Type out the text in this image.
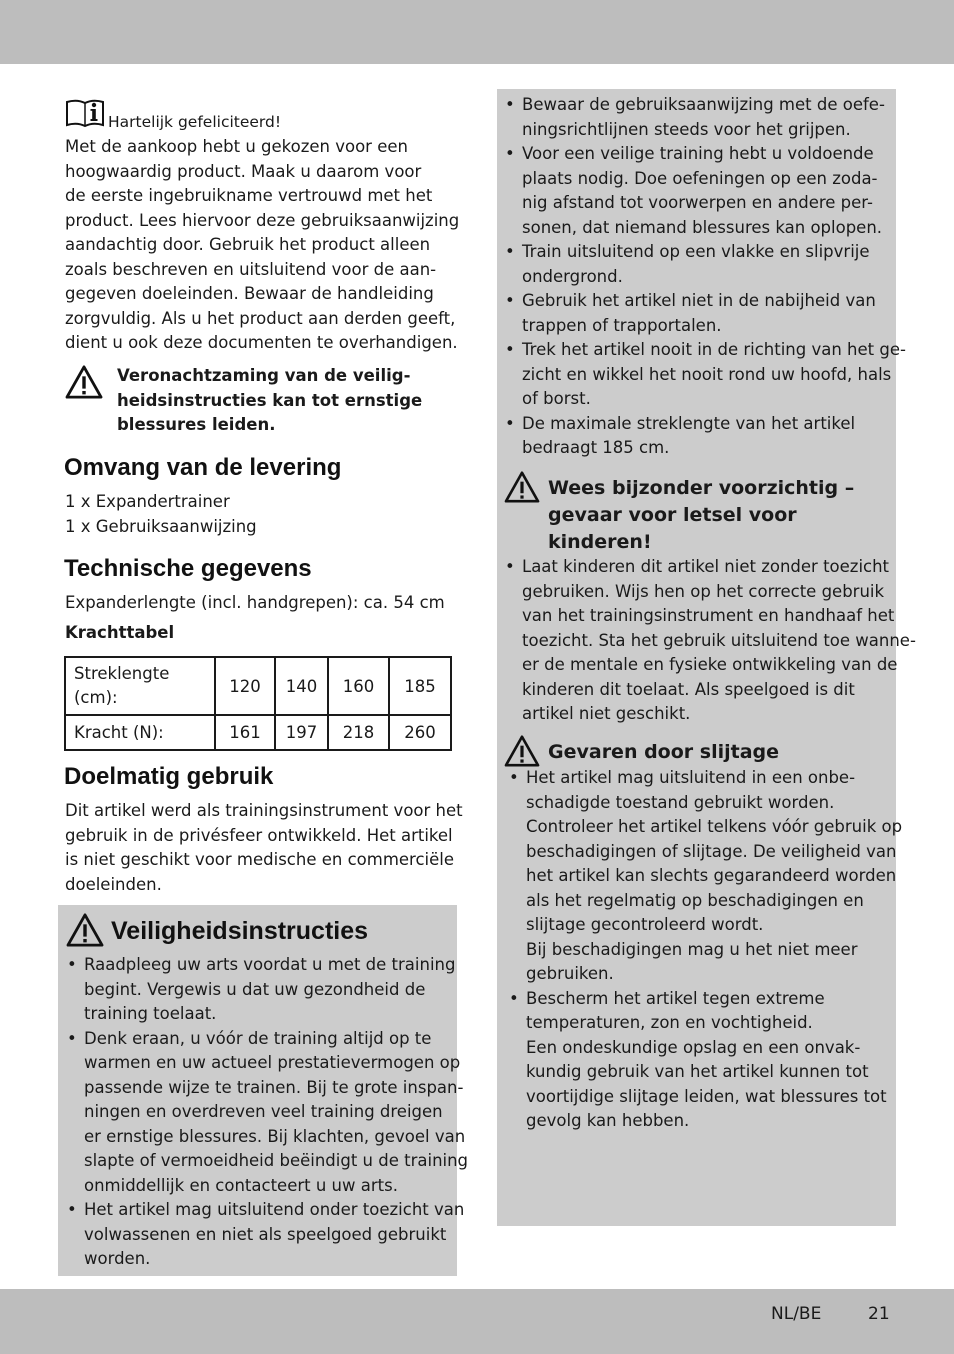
NL/BE	21
Hartelijk gefeliciteerd!
Met de aankoop hebt u gekozen voor een
hoogwaardig product. Maak u daarom voor
de eerste ingebruikname vertrouwd met het
product. Lees hiervoor deze gebruiksaanwijzing
aandachtig door. Gebruik het product alleen
zoals beschreven en uitsluitend voor de aan-
gegeven doeleinden. Bewaar de handleiding
zorgvuldig. Als u het product aan derden geeft,
dient u ook deze documenten te overhandigen.
Veronachtzaming van de veilig-
heidsinstructies kan tot ernstige
blessures leiden.
Omvang van de levering
1 x Expandertrainer
1 x Gebruiksaanwijzing
Technische gegevens
Expanderlengte (incl. handgrepen): ca. 54 cm
Krachttabel
Streklengte
(cm):	120	140	160	185
Kracht (N):	161	197	218	260
Doelmatig gebruik
Dit artikel werd als trainingsinstrument voor het
gebruik in de privésfeer ontwikkeld. Het artikel
is niet geschikt voor medische en commerciële
doeleinden.
Veiligheidsinstructies
• Raadpleeg uw arts voordat u met de training
begint. Vergewis u dat uw gezondheid de
training toelaat.
• Denk eraan, u vóór de training altijd op te
warmen en uw actueel prestatievermogen op
passende wijze te trainen. Bij te grote inspan-
ningen en overdreven veel training dreigen
er ernstige blessures. Bij klachten, gevoel van
slapte of vermoeidheid beëindigt u de training
onmiddellijk en contacteert u uw arts.
• Het artikel mag uitsluitend onder toezicht van
volwassenen en niet als speelgoed gebruikt
worden.
• Bewaar de gebruiksaanwijzing met de oefe-
ningsrichtlijnen steeds voor het grijpen.
• Voor een veilige training hebt u voldoende
plaats nodig. Doe oefeningen op een zoda-
nig afstand tot voorwerpen en andere per-
sonen, dat niemand blessures kan oplopen.
• Train uitsluitend op een vlakke en slipvrije
ondergrond.
• Gebruik het artikel niet in de nabijheid van
trappen of trapportalen.
• Trek het artikel nooit in de richting van het ge-
zicht en wikkel het nooit rond uw hoofd, hals
of borst.
• De maximale streklengte van het artikel
bedraagt 185 cm.
Wees bijzonder voorzichtig –
gevaar voor letsel voor
kinderen!
• Laat kinderen dit artikel niet zonder toezicht
gebruiken. Wijs hen op het correcte gebruik
van het trainingsinstrument en handhaaf het
toezicht. Sta het gebruik uitsluitend toe wanne-
er de mentale en fysieke ontwikkeling van de
kinderen dit toelaat. Als speelgoed is dit
artikel niet geschikt.
Gevaren door slijtage
• Het artikel mag uitsluitend in een onbe-
schadigde toestand gebruikt worden.
Controleer het artikel telkens vóór gebruik op
beschadigingen of slijtage. De veiligheid van
het artikel kan slechts gegarandeerd worden
als het regelmatig op beschadigingen en
slijtage gecontroleerd wordt.
Bij beschadigingen mag u het niet meer
gebruiken.
• Bescherm het artikel tegen extreme
temperaturen, zon en vochtigheid.
Een ondeskundige opslag en een onvak-
kundig gebruik van het artikel kunnen tot
voortijdige slijtage leiden, wat blessures tot
gevolg kan hebben.
